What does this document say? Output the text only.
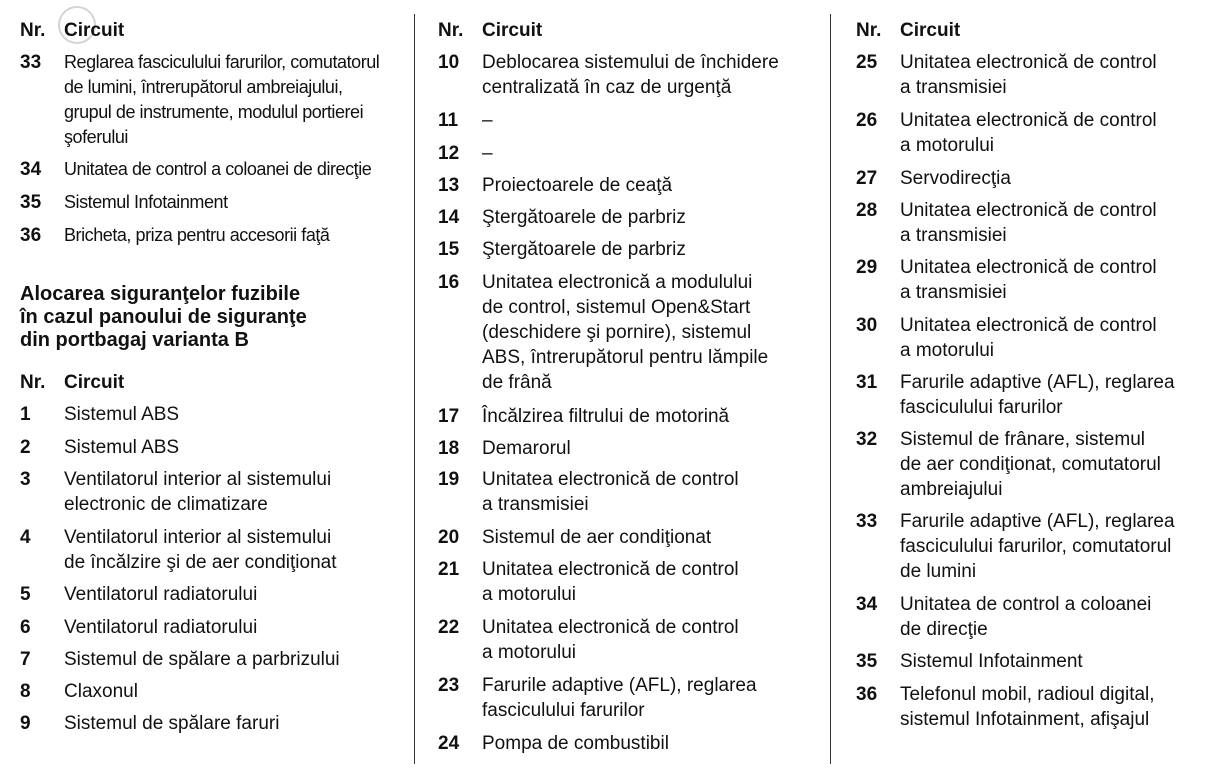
Nr. Circuit
33	Reglarea fasciculului farurilor, comutatorul
de lumini, întrerupătorul ambreiajului,
grupul de instrumente, modulul portierei
şoferului
34	Unitatea de control a coloanei de direcţie
35	Sistemul Infotainment
36	Bricheta, priza pentru accesorii faţă
Alocarea siguranţelor fuzibile
în cazul panoului de siguranţe
din portbagaj varianta B
Nr. Circuit
1	Sistemul ABS
2	Sistemul ABS
3	Ventilatorul interior al sistemului
electronic de climatizare
4	Ventilatorul interior al sistemului
de încălzire şi de aer condiţionat
5	Ventilatorul radiatorului
6	Ventilatorul radiatorului
7	Sistemul de spălare a parbrizului
8	Claxonul
9	Sistemul de spălare faruri
Nr. Circuit
10	Deblocarea sistemului de închidere
centralizată în caz de urgenţă
11	–
12	–
13	Proiectoarele de ceaţă
14	Ştergătoarele de parbriz
15	Ştergătoarele de parbriz
16	Unitatea electronică a modulului
de control, sistemul Open&Start
(deschidere şi pornire), sistemul
ABS, întrerupătorul pentru lămpile
de frână
17	Încălzirea filtrului de motorină
18	Demarorul
19	Unitatea electronică de control
a transmisiei
20	Sistemul de aer condiţionat
21	Unitatea electronică de control
a motorului
22	Unitatea electronică de control
a motorului
23	Farurile adaptive (AFL), reglarea
fasciculului farurilor
24	Pompa de combustibil
Nr. Circuit
25	Unitatea electronică de control
a transmisiei
26	Unitatea electronică de control
a motorului
27	Servodirecţia
28	Unitatea electronică de control
a transmisiei
29	Unitatea electronică de control
a transmisiei
30	Unitatea electronică de control
a motorului
31	Farurile adaptive (AFL), reglarea
fasciculului farurilor
32	Sistemul de frânare, sistemul
de aer condiţionat, comutatorul
ambreiajului
33	Farurile adaptive (AFL), reglarea
fasciculului farurilor, comutatorul
de lumini
34	Unitatea de control a coloanei
de direcţie
35	Sistemul Infotainment
36	Telefonul mobil, radioul digital,
sistemul Infotainment, afişajul
